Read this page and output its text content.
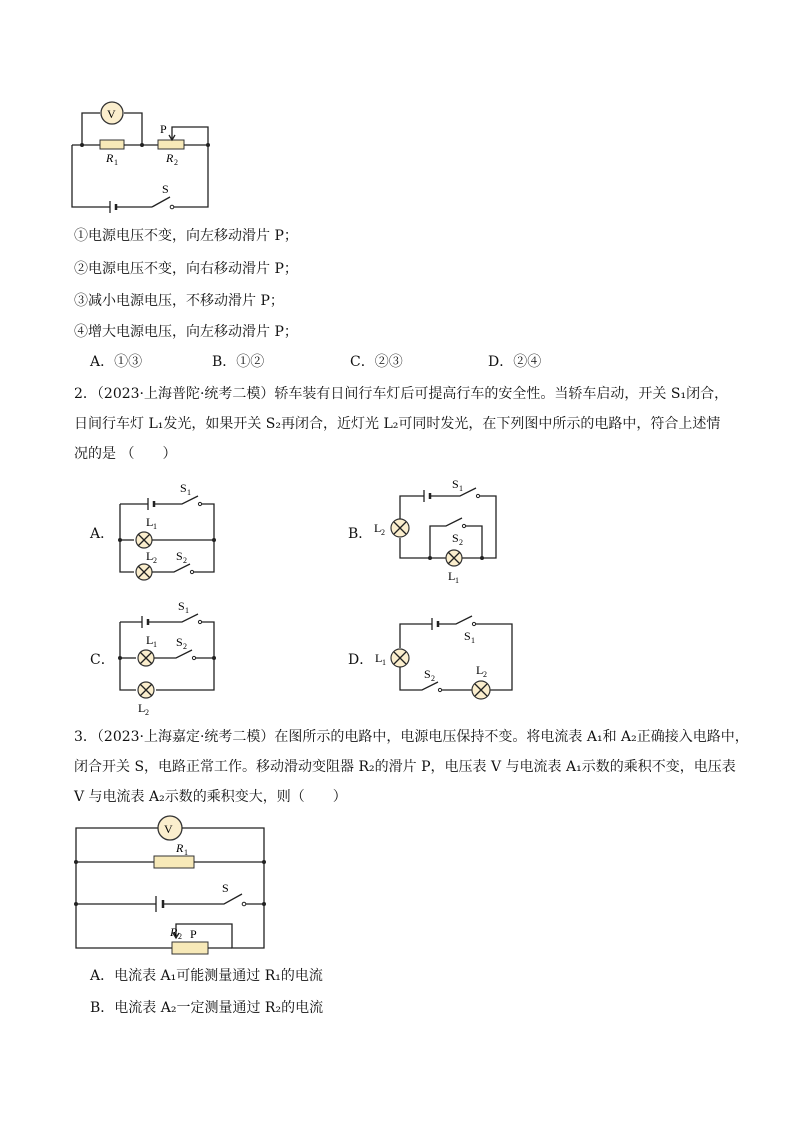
V
P
R 1	R 2
S
①电源电压不变，向左移动滑片 P；
②电源电压不变，向右移动滑片 P；
③减小电源电压，不移动滑片 P；
④增大电源电压，向左移动滑片 P；
A．①③	B．①②	C．②③	D．②④
2．（2023·上海普陀·统考二模）轿车装有日间行车灯后可提高行车的安全性。当轿车启动，开关 S₁闭合，
日间行车灯 L₁发光，如果开关 S₂再闭合，近灯光 L₂可同时发光，在下列图中所示的电路中，符合上述情
况的是 （　　）
A．
S 1
L 1
L 2 S 2
B．
S 1
L 2	S 2
L 1
C．
S 1
L 1 S 2
L 2
D．
S 1
L 1
S 2
L 2
3．（2023·上海嘉定·统考二模）在图所示的电路中，电源电压保持不变。将电流表 A₁和 A₂正确接入电路中，
闭合开关 S，电路正常工作。移动滑动变阻器 R₂的滑片 P，电压表 V 与电流表 A₁示数的乘积不变，电压表
V 与电流表 A₂示数的乘积变大，则（　　）
V
R 1
S
R 2 P
A．电流表 A₁可能测量通过 R₁的电流
B．电流表 A₂一定测量通过 R₂的电流
